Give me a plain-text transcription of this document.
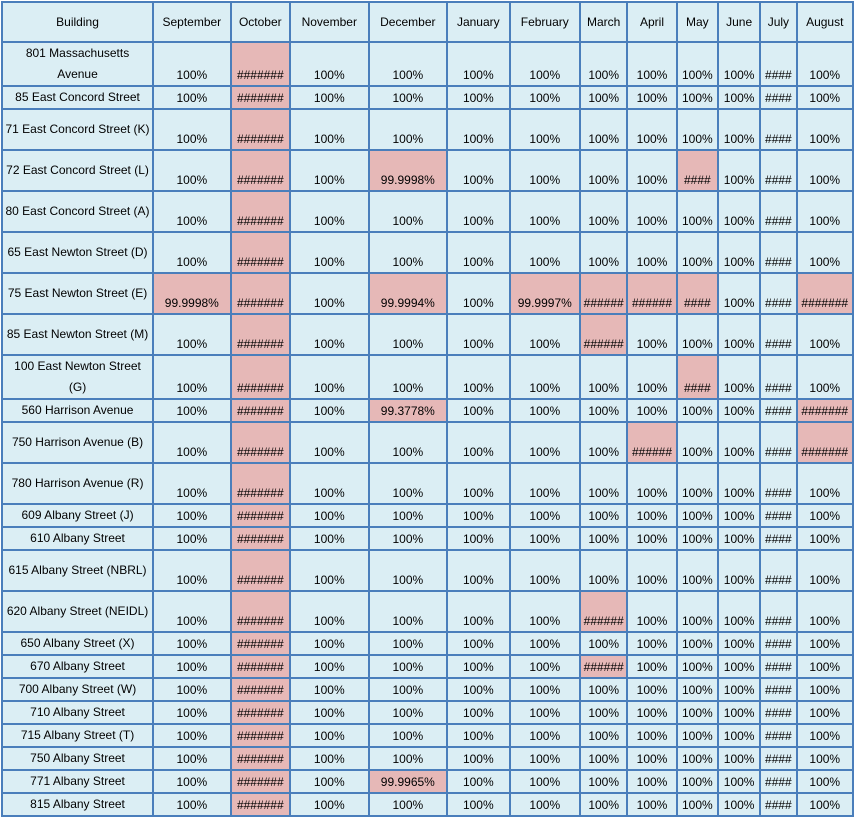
Building	September	October	November	December	January	February	March	April	May	June	July	August
801 Massachusetts Avenue	100%	#######	100%	100%	100%	100%	100%	100%	100%	100%	####	100%
85 East Concord Street	100%	#######	100%	100%	100%	100%	100%	100%	100%	100%	####	100%
71 East Concord Street (K)	100%	#######	100%	100%	100%	100%	100%	100%	100%	100%	####	100%
72 East Concord Street (L)	100%	#######	100%	99.9998%	100%	100%	100%	100%	####	100%	####	100%
80 East Concord Street (A)	100%	#######	100%	100%	100%	100%	100%	100%	100%	100%	####	100%
65 East Newton Street (D)	100%	#######	100%	100%	100%	100%	100%	100%	100%	100%	####	100%
75 East Newton Street (E)	99.9998%	#######	100%	99.9994%	100%	99.9997%	######	######	####	100%	####	#######
85 East Newton Street (M)	100%	#######	100%	100%	100%	100%	######	100%	100%	100%	####	100%
100 East Newton Street (G)	100%	#######	100%	100%	100%	100%	100%	100%	####	100%	####	100%
560 Harrison Avenue	100%	#######	100%	99.3778%	100%	100%	100%	100%	100%	100%	####	#######
750 Harrison Avenue (B)	100%	#######	100%	100%	100%	100%	100%	######	100%	100%	####	#######
780 Harrison Avenue (R)	100%	#######	100%	100%	100%	100%	100%	100%	100%	100%	####	100%
609 Albany Street (J)	100%	#######	100%	100%	100%	100%	100%	100%	100%	100%	####	100%
610 Albany Street	100%	#######	100%	100%	100%	100%	100%	100%	100%	100%	####	100%
615 Albany Street (NBRL)	100%	#######	100%	100%	100%	100%	100%	100%	100%	100%	####	100%
620 Albany Street (NEIDL)	100%	#######	100%	100%	100%	100%	######	100%	100%	100%	####	100%
650 Albany Street (X)	100%	#######	100%	100%	100%	100%	100%	100%	100%	100%	####	100%
670 Albany Street	100%	#######	100%	100%	100%	100%	######	100%	100%	100%	####	100%
700 Albany Street (W)	100%	#######	100%	100%	100%	100%	100%	100%	100%	100%	####	100%
710 Albany Street	100%	#######	100%	100%	100%	100%	100%	100%	100%	100%	####	100%
715 Albany Street (T)	100%	#######	100%	100%	100%	100%	100%	100%	100%	100%	####	100%
750 Albany Street	100%	#######	100%	100%	100%	100%	100%	100%	100%	100%	####	100%
771 Albany Street	100%	#######	100%	99.9965%	100%	100%	100%	100%	100%	100%	####	100%
815 Albany Street	100%	#######	100%	100%	100%	100%	100%	100%	100%	100%	####	100%
